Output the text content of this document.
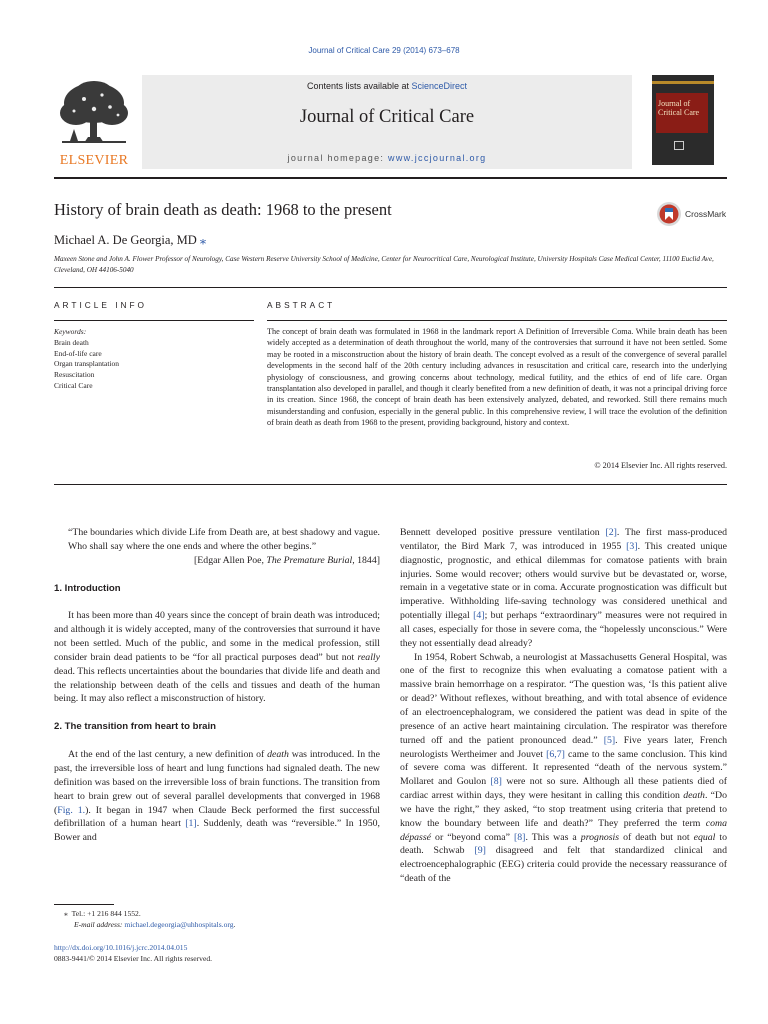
Journal of Critical Care 29 (2014) 673–678
ELSEVIER
Contents lists available at ScienceDirect
Journal of Critical Care
journal homepage: www.jccjournal.org
Journal of
Critical Care
History of brain death as death: 1968 to the present	CrossMark
Michael A. De Georgia, MD ⁎
Maxeen Stone and John A. Flower Professor of Neurology, Case Western Reserve University School of Medicine, Center for Neurocritical Care, Neurological Institute, University Hospitals Case Medical Center, 11100 Euclid Ave, Cleveland, OH 44106-5040
ARTICLE INFO	ABSTRACT
Keywords:
Brain death
End-of-life care
Organ transplantation
Resuscitation
Critical Care
The concept of brain death was formulated in 1968 in the landmark report A Definition of Irreversible Coma. While brain death has been widely accepted as a determination of death throughout the world, many of the controversies that surround it have not been settled. Some may be rooted in a misconstruction about the history of brain death. The concept evolved as a result of the convergence of several parallel developments in the second half of the 20th century including advances in resuscitation and critical care, research into the underlying physiology of consciousness, and growing concerns about technology, medical futility, and the ethics of end of life care. Organ transplantation also developed in parallel, and though it clearly benefited from a new definition of death, it was not a principal driving force in its creation. Since 1968, the concept of brain death has been extensively analyzed, debated, and reworked. Still there remains much misunderstanding and confusion, especially in the general public. In this comprehensive review, I will trace the evolution of the definition of brain death as death from 1968 to the present, providing background, history and context.
© 2014 Elsevier Inc. All rights reserved.

“The boundaries which divide Life from Death are, at best shadowy and vague. Who shall say where the one ends and where the other begins.”

[Edgar Allen Poe, The Premature Burial, 1844]

1. Introduction

It has been more than 40 years since the concept of brain death was introduced; and although it is widely accepted, many of the controversies that surround it have not been settled. Much of the public, and some in the medical profession, still consider brain dead patients to be “for all practical purposes dead” but not really dead. This reflects uncertainties about the boundaries that divide life and death and the relationship between death of the cells and tissues and death of the human being. It may also reflect a misconstruction of history.

2. The transition from heart to brain

At the end of the last century, a new definition of death was introduced. In the past, the irreversible loss of heart and lung functions had signaled death. The new definition was based on the irreversible loss of brain functions. The transition from heart to brain grew out of several parallel developments that converged in 1968 (Fig. 1.). It began in 1947 when Claude Beck performed the first successful defibrillation of a human heart [1]. Suddenly, death was “reversible.” In 1950, Bower and

Bennett developed positive pressure ventilation [2]. The first mass-produced ventilator, the Bird Mark 7, was introduced in 1955 [3]. This created unique diagnostic, prognostic, and ethical dilemmas for comatose patients with brain injuries. Some would recover; others would survive but be devastated or, worse, remain in a vegetative state or in coma. Accurate prognostication was difficult but imperative. Withholding life-saving technology was considered unethical and potentially illegal [4]; but perhaps “extraordinary” measures were not required in all cases, especially for those in severe coma, the “hopelessly unconscious.” Were they not essentially dead already?

In 1954, Robert Schwab, a neurologist at Massachusetts General Hospital, was one of the first to recognize this when evaluating a comatose patient with a massive brain hemorrhage on a respirator. “The question was, ‘Is this patient alive or dead?’ Without reflexes, without breathing, and with total absence of evidence of an electroencephalogram, we considered the patient was dead in spite of the presence of an active heart maintaining circulation. The respirator was therefore turned off and the patient pronounced dead.” [5]. Five years later, French neurologists Wertheimer and Jouvet [6,7] came to the same conclusion. This kind of severe coma was different. It represented “death of the nervous system.” Mollaret and Goulon [8] were not so sure. Although all these patients died of cardiac arrest within days, they were hesitant in calling this condition death. “Do we have the right,” they asked, “to stop treatment using criteria that pretend to know the boundary between life and death?” They preferred the term coma dépassé or “beyond coma” [8]. This was a prognosis of death but not equal to death. Schwab [9] disagreed and felt that standardized clinical and electroencephalographic (EEG) criteria could provide the necessary reassurance of “death of the

⁎ Tel.: +1 216 844 1552.
E-mail address: michael.degeorgia@uhhospitals.org.
http://dx.doi.org/10.1016/j.jcrc.2014.04.015
0883-9441/© 2014 Elsevier Inc. All rights reserved.
